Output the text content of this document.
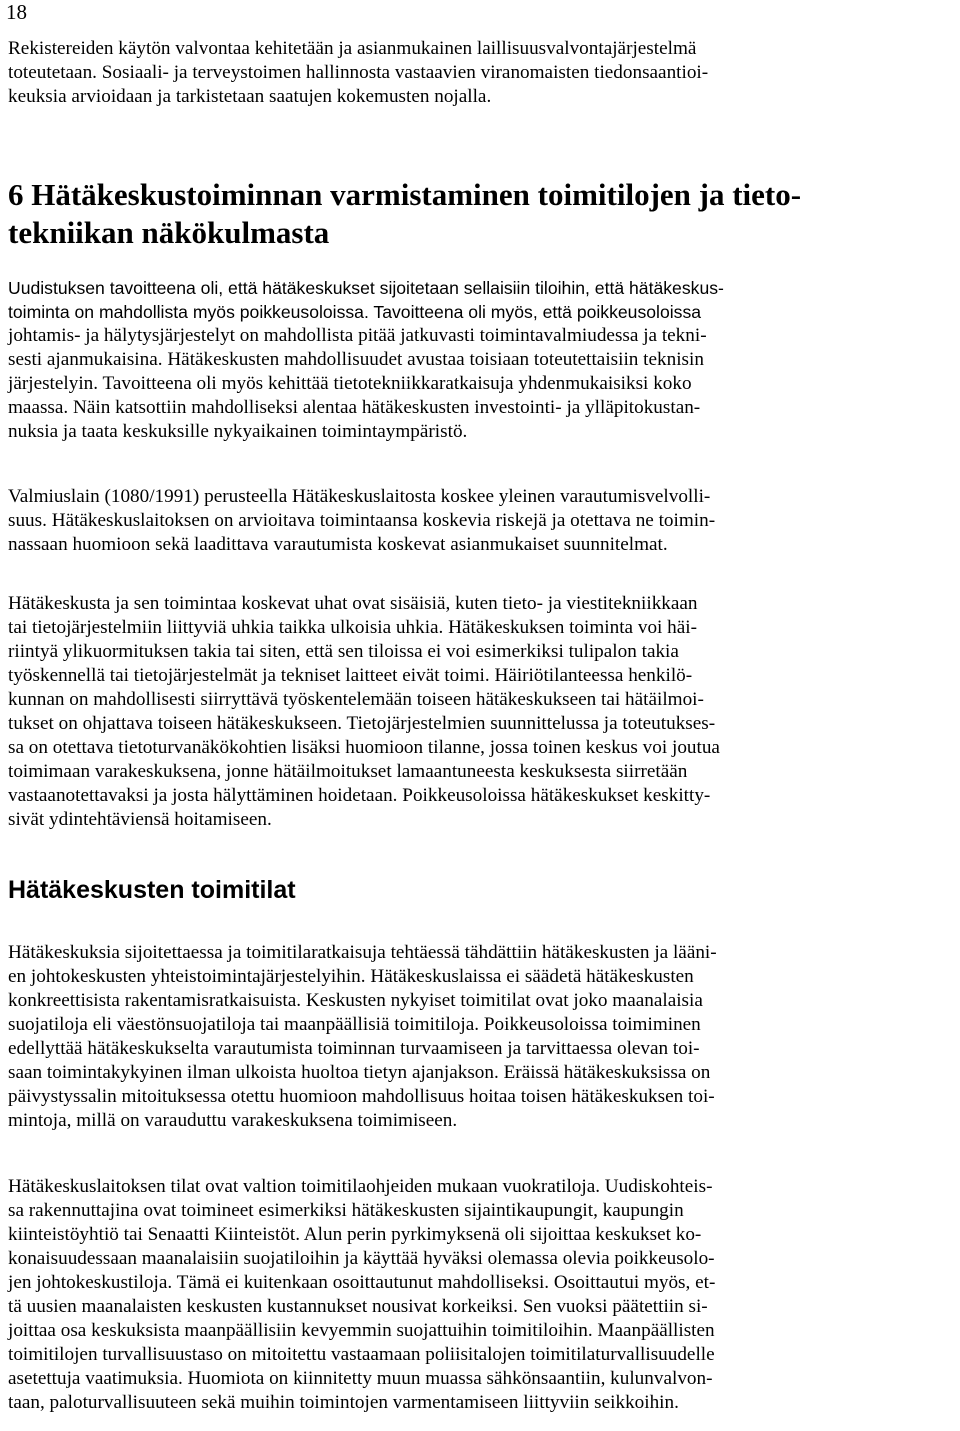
18
Rekistereiden käytön valvontaa kehitetään ja asianmukainen laillisuusvalvontajärjestelmä
toteutetaan. Sosiaali- ja terveystoimen hallinnosta vastaavien viranomaisten tiedonsaantioi-
keuksia arvioidaan ja tarkistetaan saatujen kokemusten nojalla.
6 Hätäkeskustoiminnan varmistaminen toimitilojen ja tieto-
tekniikan näkökulmasta
Uudistuksen tavoitteena oli, että hätäkeskukset sijoitetaan sellaisiin tiloihin, että hätäkeskus-
toiminta on mahdollista myös poikkeusoloissa. Tavoitteena oli myös, että poikkeusoloissa
johtamis- ja hälytysjärjestelyt on mahdollista pitää jatkuvasti toimintavalmiudessa ja tekni-
sesti ajanmukaisina. Hätäkeskusten mahdollisuudet avustaa toisiaan toteutettaisiin teknisin
järjestelyin. Tavoitteena oli myös kehittää tietotekniikkaratkaisuja yhdenmukaisiksi koko
maassa. Näin katsottiin mahdolliseksi alentaa hätäkeskusten investointi- ja ylläpitokustan-
nuksia ja taata keskuksille nykyaikainen toimintaympäristö.
Valmiuslain (1080/1991) perusteella Hätäkeskuslaitosta koskee yleinen varautumisvelvolli-
suus. Hätäkeskuslaitoksen on arvioitava toimintaansa koskevia riskejä ja otettava ne toimin-
nassaan huomioon sekä laadittava varautumista koskevat asianmukaiset suunnitelmat.
Hätäkeskusta ja sen toimintaa koskevat uhat ovat sisäisiä, kuten tieto- ja viestitekniikkaan
tai tietojärjestelmiin liittyviä uhkia taikka ulkoisia uhkia. Hätäkeskuksen toiminta voi häi-
riintyä ylikuormituksen takia tai siten, että sen tiloissa ei voi esimerkiksi tulipalon takia
työskennellä tai tietojärjestelmät ja tekniset laitteet eivät toimi. Häiriötilanteessa henkilö-
kunnan on mahdollisesti siirryttävä työskentelemään toiseen hätäkeskukseen tai hätäilmoi-
tukset on ohjattava toiseen hätäkeskukseen. Tietojärjestelmien suunnittelussa ja toteutukses-
sa on otettava tietoturvanäkökohtien lisäksi huomioon tilanne, jossa toinen keskus voi joutua
toimimaan varakeskuksena, jonne hätäilmoitukset lamaantuneesta keskuksesta siirretään
vastaanotettavaksi ja josta hälyttäminen hoidetaan. Poikkeusoloissa hätäkeskukset keskitty-
sivät ydintehtäviensä hoitamiseen.
Hätäkeskusten toimitilat
Hätäkeskuksia sijoitettaessa ja toimitilaratkaisuja tehtäessä tähdättiin hätäkeskusten ja lääni-
en johtokeskusten yhteistoimintajärjestelyihin. Hätäkeskuslaissa ei säädetä hätäkeskusten
konkreettisista rakentamisratkaisuista. Keskusten nykyiset toimitilat ovat joko maanalaisia
suojatiloja eli väestönsuojatiloja tai maanpäällisiä toimitiloja. Poikkeusoloissa toimiminen
edellyttää hätäkeskukselta varautumista toiminnan turvaamiseen ja tarvittaessa olevan toi-
saan toimintakykyinen ilman ulkoista huoltoa tietyn ajanjakson. Eräissä hätäkeskuksissa on
päivystyssalin mitoituksessa otettu huomioon mahdollisuus hoitaa toisen hätäkeskuksen toi-
mintoja, millä on varauduttu varakeskuksena toimimiseen.
Hätäkeskuslaitoksen tilat ovat valtion toimitilaohjeiden mukaan vuokratiloja. Uudiskohteis-
sa rakennuttajina ovat toimineet esimerkiksi hätäkeskusten sijaintikaupungit, kaupungin
kiinteistöyhtiö tai Senaatti Kiinteistöt. Alun perin pyrkimyksenä oli sijoittaa keskukset ko-
konaisuudessaan maanalaisiin suojatiloihin ja käyttää hyväksi olemassa olevia poikkeusolo-
jen johtokeskustiloja. Tämä ei kuitenkaan osoittautunut mahdolliseksi. Osoittautui myös, et-
tä uusien maanalaisten keskusten kustannukset nousivat korkeiksi. Sen vuoksi päätettiin si-
joittaa osa keskuksista maanpäällisiin kevyemmin suojattuihin toimitiloihin. Maanpäällisten
toimitilojen turvallisuustaso on mitoitettu vastaamaan poliisitalojen toimitilaturvallisuudelle
asetettuja vaatimuksia. Huomiota on kiinnitetty muun muassa sähkönsaantiin, kulunvalvon-
taan, paloturvallisuuteen sekä muihin toimintojen varmentamiseen liittyviin seikkoihin.
